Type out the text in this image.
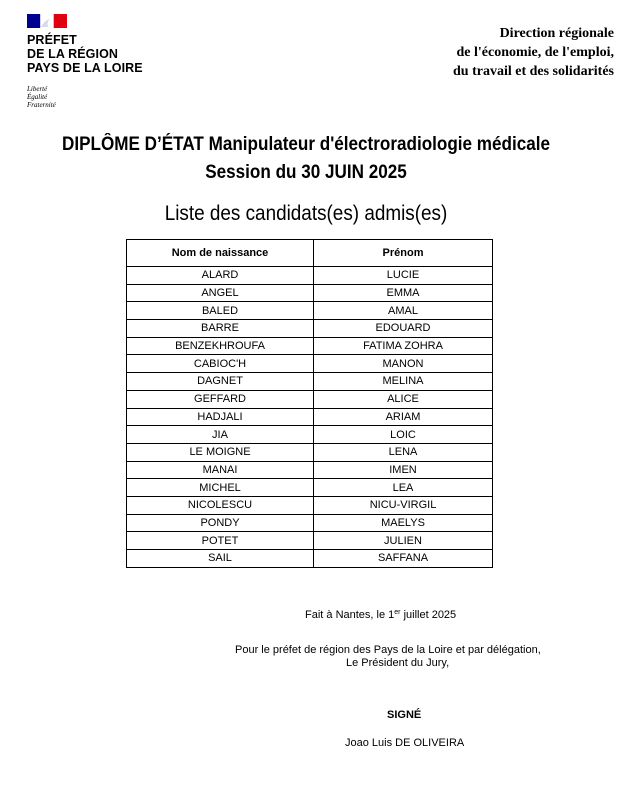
PRÉFET
DE LA RÉGION
PAYS DE LA LOIRE
Liberté
Égalité
Fraternité
Direction régionale
de l'économie, de l'emploi,
du travail et des solidarités
DIPLÔME D’ÉTAT Manipulateur d'électroradiologie médicale
Session du 30 JUIN 2025
Liste des candidats(es) admis(es)
Nom de naissance	Prénom
ALARD	LUCIE
ANGEL	EMMA
BALED	AMAL
BARRE	EDOUARD
BENZEKHROUFA	FATIMA ZOHRA
CABIOC'H	MANON
DAGNET	MELINA
GEFFARD	ALICE
HADJALI	ARIAM
JIA	LOIC
LE MOIGNE	LENA
MANAI	IMEN
MICHEL	LEA
NICOLESCU	NICU-VIRGIL
PONDY	MAELYS
POTET	JULIEN
SAIL	SAFFANA
Fait à Nantes, le 1er juillet 2025
Pour le préfet de région des Pays de la Loire et par délégation,
Le Président du Jury,
SIGNÉ
Joao Luis DE OLIVEIRA
